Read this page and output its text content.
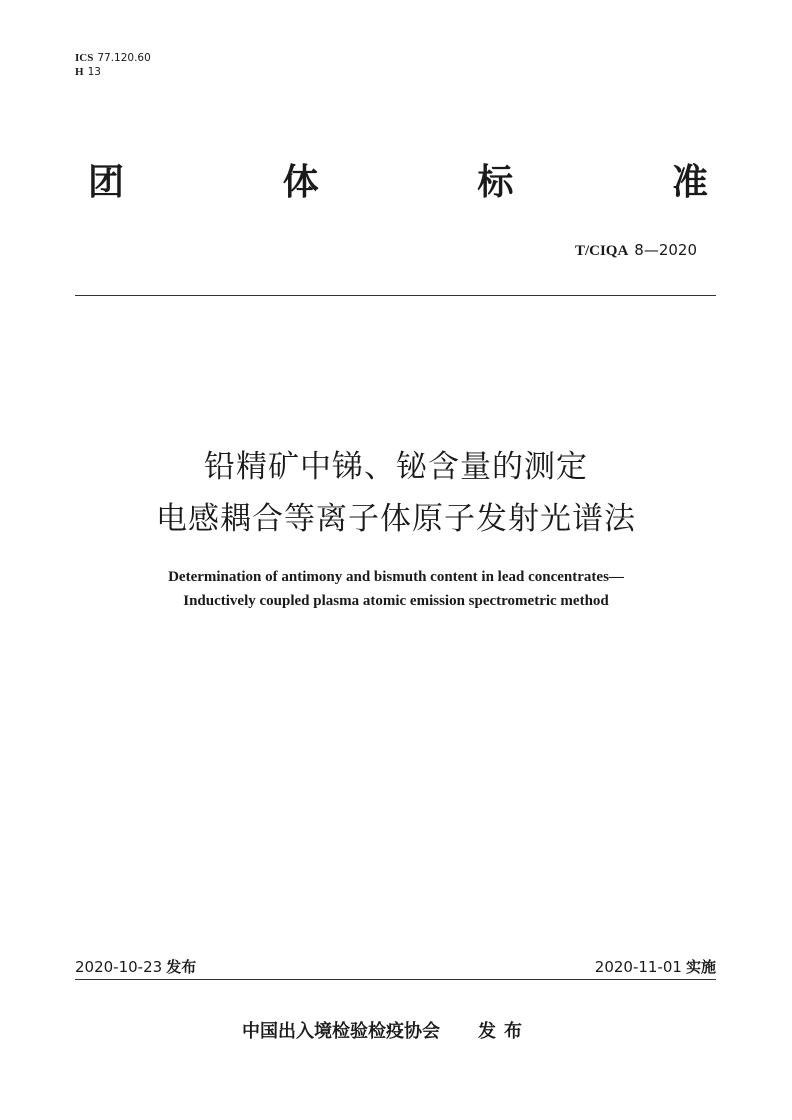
ICS 77.120.60
H 13
团	体	标	准
T/CIQA 8—2020
铅精矿中锑、铋含量的测定
电感耦合等离子体原子发射光谱法
Determination of antimony and bismuth content in lead concentrates—
Inductively coupled plasma atomic emission spectrometric method
2020-10-23 发布	2020-11-01 实施
中国出入境检验检疫协会 发布
